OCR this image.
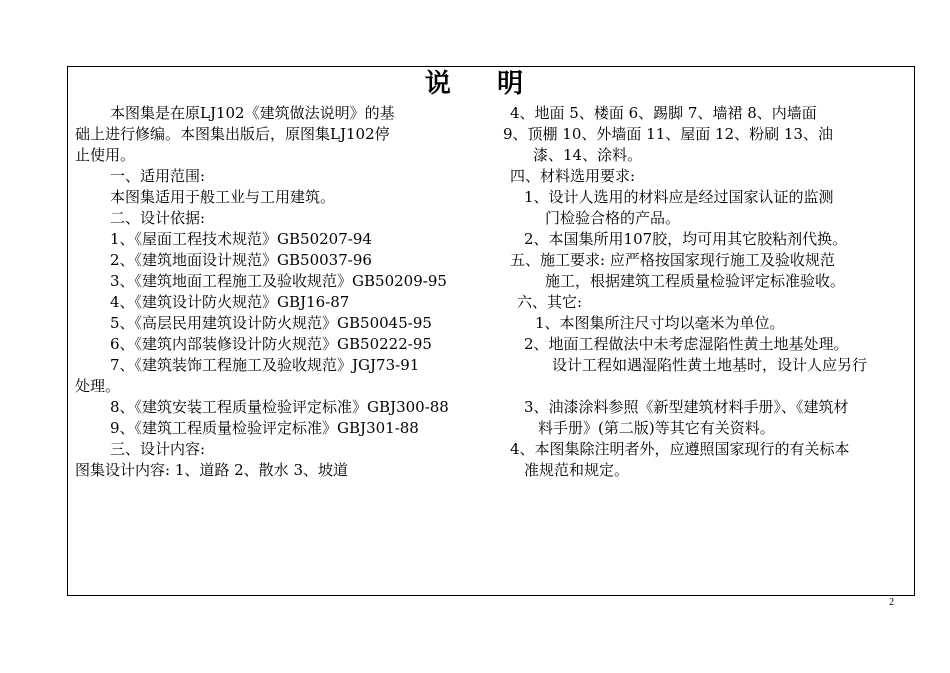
说    明
本图集是在原LJ102《建筑做法说明》的基
础上进行修编。本图集出版后，原图集LJ102停
止使用。
一、适用范围:
本图集适用于般工业与工用建筑。
二、设计依据:
1、《屋面工程技术规范》GB50207-94
2、《建筑地面设计规范》GB50037-96
3、《建筑地面工程施工及验收规范》GB50209-95
4、《建筑设计防火规范》GBJ16-87
5、《高层民用建筑设计防火规范》GB50045-95
6、《建筑内部装修设计防火规范》GB50222-95
7、《建筑装饰工程施工及验收规范》JGJ73-91
处理。
8、《建筑安装工程质量检验评定标准》GBJ300-88
9、《建筑工程质量检验评定标准》GBJ301-88
三、设计内容:
图集设计内容: 1、道路 2、散水 3、坡道
4、地面 5、楼面 6、踢脚 7、墙裙 8、内墙面
9、顶棚 10、外墙面 11、屋面 12、粉刷 13、油
漆、14、涂料。
四、材料选用要求:
1、设计人选用的材料应是经过国家认证的监测
门检验合格的产品。
2、本国集所用107胶，均可用其它胶粘剂代换。
五、施工要求: 应严格按国家现行施工及验收规范
施工，根据建筑工程质量检验评定标准验收。
六、其它:
1、本图集所注尺寸均以毫米为单位。
2、地面工程做法中未考虑湿陷性黄土地基处理。
设计工程如遇湿陷性黄土地基时，设计人应另行
3、油漆涂料参照《新型建筑材料手册》、《建筑材
料手册》(第二版)等其它有关资料。
4、本图集除注明者外，应遵照国家现行的有关标本
准规范和规定。
2
